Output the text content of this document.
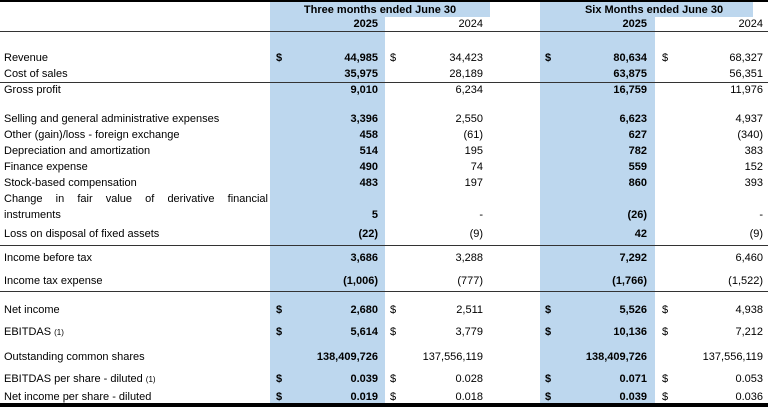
	Three months ended June 30					Six Months ended June 30			
		2025		2024			2025		2024

Revenue	$	44,985	$	34,423		$	80,634	$	68,327
Cost of sales		35,975		28,189			63,875		56,351
Gross profit		9,010		6,234			16,759		11,976

Selling and general administrative expenses		3,396		2,550			6,623		4,937
Other (gain)/loss - foreign exchange		458		(61)			627		(340)
Depreciation and amortization		514		195			782		383
Finance expense		490		74			559		152
Stock-based compensation		483		197			860		393
Change in fair value of derivative financial									
instruments		5		-			(26)		-
Loss on disposal of fixed assets		(22)		(9)			42		(9)
Income before tax		3,686		3,288			7,292		6,460
Income tax expense		(1,006)		(777)			(1,766)		(1,522)
Net income	$	2,680	$	2,511		$	5,526	$	4,938
EBITDAS (1)	$	5,614	$	3,779		$	10,136	$	7,212
Outstanding common shares		138,409,726		137,556,119			138,409,726		137,556,119
EBITDAS per share - diluted (1)	$	0.039	$	0.028		$	0.071	$	0.053
Net income per share - diluted	$	0.019	$	0.018		$	0.039	$	0.036
